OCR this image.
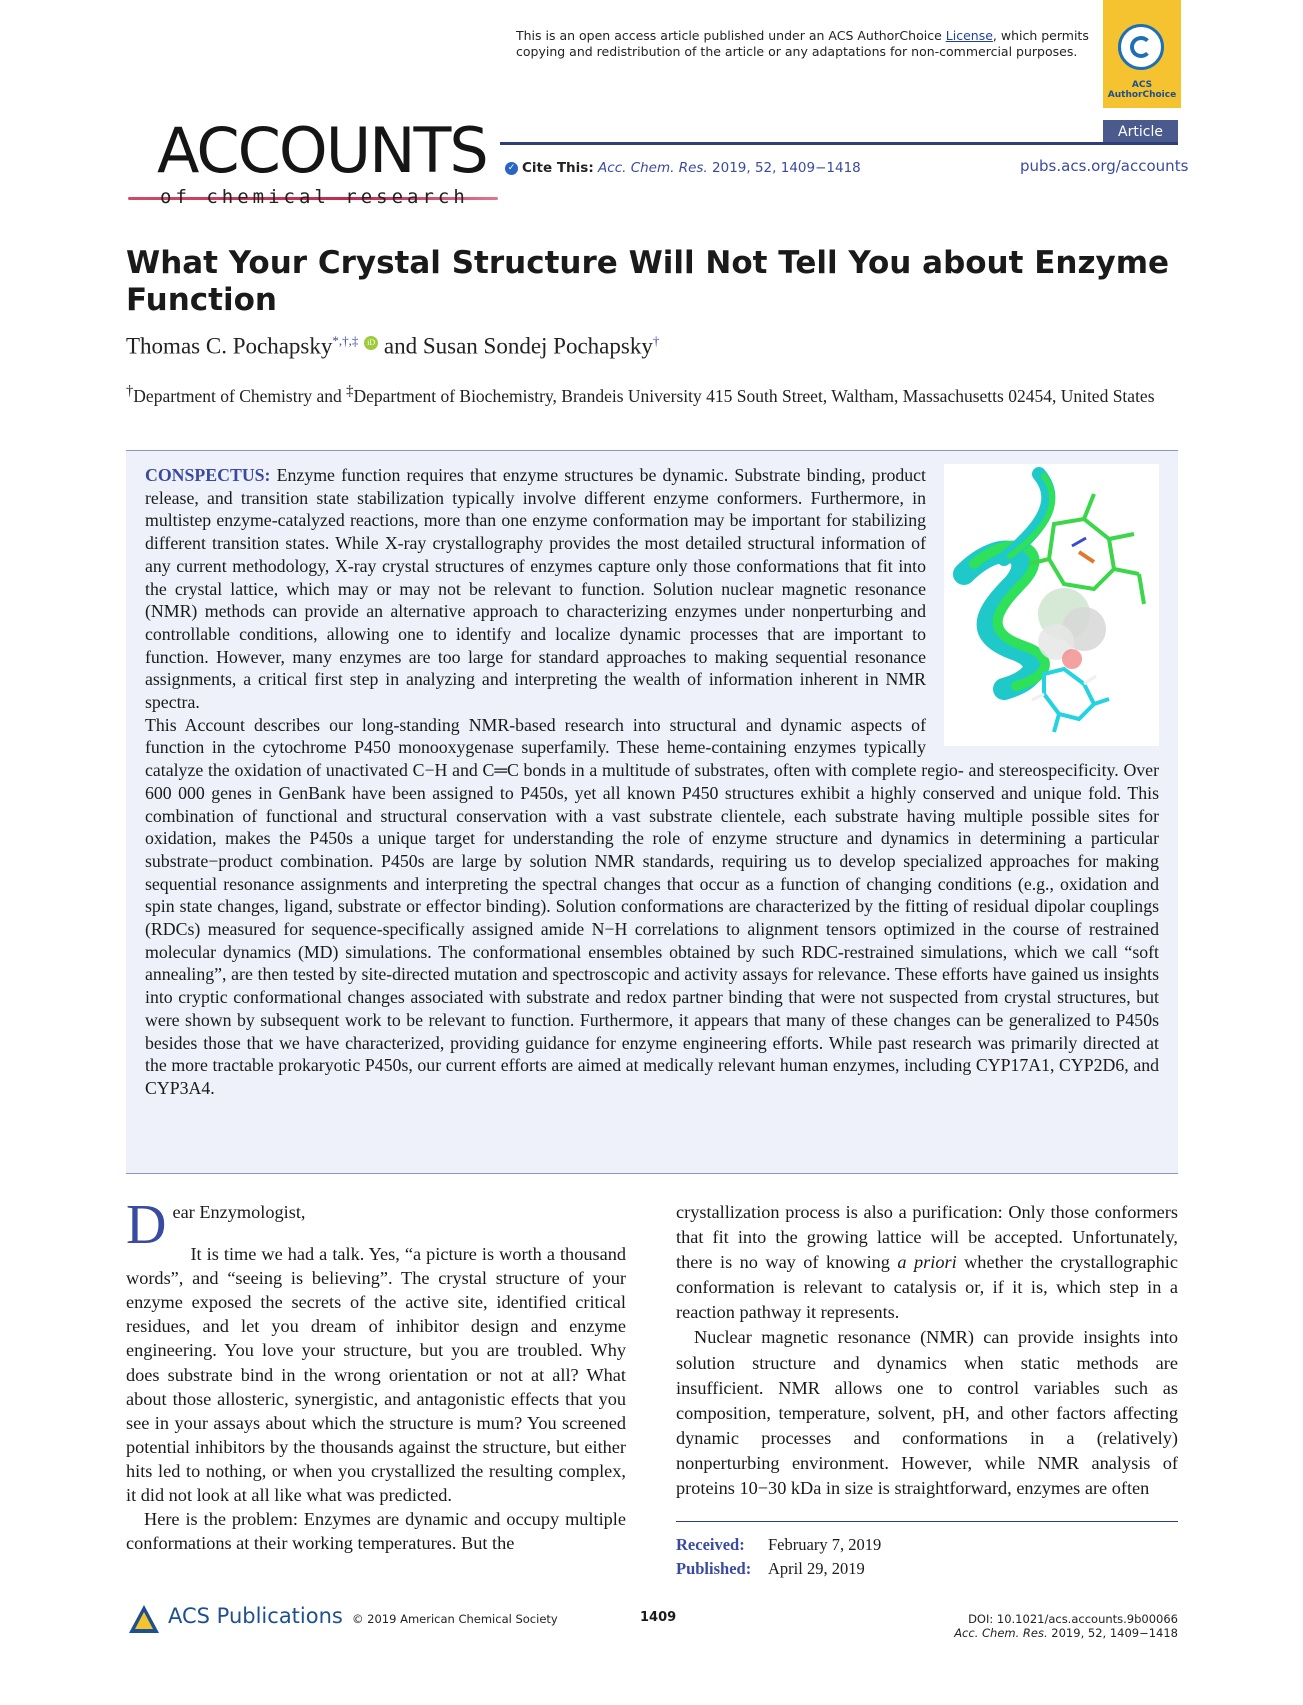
This is an open access article published under an ACS AuthorChoice License, which permits copying and redistribution of the article or any adaptations for non-commercial purposes.
ACS AuthorChoice
ACCOUNTS
of chemical research
Article
✓ Cite This: Acc. Chem. Res. 2019, 52, 1409−1418	pubs.acs.org/accounts
What Your Crystal Structure Will Not Tell You about Enzyme Function
Thomas C. Pochapsky*,†,‡ iD and Susan Sondej Pochapsky†
†Department of Chemistry and ‡Department of Biochemistry, Brandeis University 415 South Street, Waltham, Massachusetts 02454, United States

CONSPECTUS: Enzyme function requires that enzyme structures be dynamic. Substrate binding, product release, and transition state stabilization typically involve different enzyme conformers. Furthermore, in multistep enzyme-catalyzed reactions, more than one enzyme conformation may be important for stabilizing different transition states. While X-ray crystallography provides the most detailed structural information of any current methodology, X-ray crystal structures of enzymes capture only those conformations that fit into the crystal lattice, which may or may not be relevant to function. Solution nuclear magnetic resonance (NMR) methods can provide an alternative approach to characterizing enzymes under nonperturbing and controllable conditions, allowing one to identify and localize dynamic processes that are important to function. However, many enzymes are too large for standard approaches to making sequential resonance assignments, a critical first step in analyzing and interpreting the wealth of information inherent in NMR spectra.

This Account describes our long-standing NMR-based research into structural and dynamic aspects of function in the cytochrome P450 monooxygenase superfamily. These heme-containing enzymes typically catalyze the oxidation of unactivated C−H and C═C bonds in a multitude of substrates, often with complete regio- and stereospecificity. Over 600 000 genes in GenBank have been assigned to P450s, yet all known P450 structures exhibit a highly conserved and unique fold. This combination of functional and structural conservation with a vast substrate clientele, each substrate having multiple possible sites for oxidation, makes the P450s a unique target for understanding the role of enzyme structure and dynamics in determining a particular substrate−product combination. P450s are large by solution NMR standards, requiring us to develop specialized approaches for making sequential resonance assignments and interpreting the spectral changes that occur as a function of changing conditions (e.g., oxidation and spin state changes, ligand, substrate or effector binding). Solution conformations are characterized by the fitting of residual dipolar couplings (RDCs) measured for sequence-specifically assigned amide N−H correlations to alignment tensors optimized in the course of restrained molecular dynamics (MD) simulations. The conformational ensembles obtained by such RDC-restrained simulations, which we call “soft annealing”, are then tested by site-directed mutation and spectroscopic and activity assays for relevance. These efforts have gained us insights into cryptic conformational changes associated with substrate and redox partner binding that were not suspected from crystal structures, but were shown by subsequent work to be relevant to function. Furthermore, it appears that many of these changes can be generalized to P450s besides those that we have characterized, providing guidance for enzyme engineering efforts. While past research was primarily directed at the more tractable prokaryotic P450s, our current efforts are aimed at medically relevant human enzymes, including CYP17A1, CYP2D6, and CYP3A4.

Dear Enzymologist,

It is time we had a talk. Yes, “a picture is worth a thousand words”, and “seeing is believing”. The crystal structure of your enzyme exposed the secrets of the active site, identified critical residues, and let you dream of inhibitor design and enzyme engineering. You love your structure, but you are troubled. Why does substrate bind in the wrong orientation or not at all? What about those allosteric, synergistic, and antagonistic effects that you see in your assays about which the structure is mum? You screened potential inhibitors by the thousands against the structure, but either hits led to nothing, or when you crystallized the resulting complex, it did not look at all like what was predicted.

Here is the problem: Enzymes are dynamic and occupy multiple conformations at their working temperatures. But the

crystallization process is also a purification: Only those conformers that fit into the growing lattice will be accepted. Unfortunately, there is no way of knowing a priori whether the crystallographic conformation is relevant to catalysis or, if it is, which step in a reaction pathway it represents.

Nuclear magnetic resonance (NMR) can provide insights into solution structure and dynamics when static methods are insufficient. NMR allows one to control variables such as composition, temperature, solvent, pH, and other factors affecting dynamic processes and conformations in a (relatively) nonperturbing environment. However, while NMR analysis of proteins 10−30 kDa in size is straightforward, enzymes are often

Received: February 7, 2019
Published: April 29, 2019
ACS Publications © 2019 American Chemical Society	1409	DOI: 10.1021/acs.accounts.9b00066
Acc. Chem. Res. 2019, 52, 1409−1418
